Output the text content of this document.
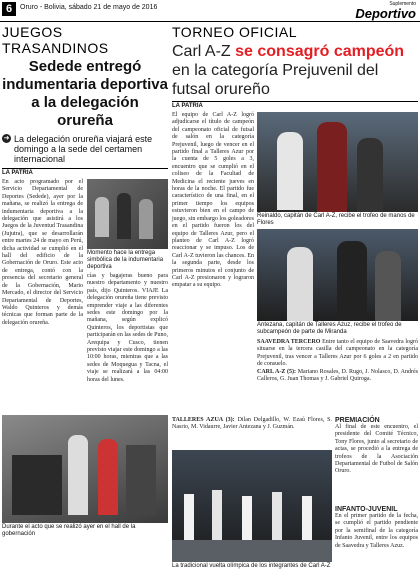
6	Oruro - Bolivia, sábado 21 de mayo de 2016	Suplemento
Deportivo
JUEGOS TRASANDINOS
Sedede entregó indumentaria deportiva a la delegación orureña
➜ La delegación orureña viajará este domingo a la sede del certamen internacional
LA PATRIA
En acto programado por el Servicio Departamental de Deportes (Sedede), ayer por la mañana, se realizó la entrega de indumentaria deportiva a la delegación que asistirá a los Juegos de la Juventud Trasandina (Jujutra), que se desarrollarán entre martes 24 de mayo en Perú, dicha actividad se cumplió en el hall del edificio de la Gobernación de Oruro. Este acto de entrega, contó con la presencia del secretario general de la Gobernación, Mario Mercado, el director del Servicio Departamental de Deportes, Waldo Quinteros y demás técnicas que forman parte de la delegación orureña.
Momento hace la entrega simbólica de la indumentaria deportiva
cías y bagajeras bueno para nuestro departamento y nuestro país, dijo Quinteros. VIAJE La delegación orureña tiene previsto emprender viaje a las diferentes sedes este domingo por la mañana, según explicó Quinteros, los deportistas que participarán en las sedes de Puno, Arequipa y Cusco, tienen previsto viajar este domingo a las 10:00 horas, mientras que a las sedes de Moquegua y Tacna, el viaje se realizará a las 04:00 horas del lunes.
Durante el acto que se realizó ayer en el hall de la gobernación
TORNEO OFICIAL
Carl A-Z se consagró campeón en la categoría Prejuvenil del futsal orureño
LA PATRIA
El equipo de Carl A-Z logró adjudicarse el título de campeón del campeonato oficial de futsal de salón en la categoría Prejuvenil, luego de vencer en el partido final a Talleres Azur por la cuenta de 5 goles a 3, encuentro que se cumplió en el coliseo de la Facultad de Medicina el reciente jueves en horas de la noche. El partido fue característico de una final, en el primer tiempo los equipos estuvieron bien en el campo de juego, sin embargo los goleadores en el partido fueron los del equipo de Talleres Azur, pero el planteo de Carl A-Z logró reaccionar y se impuso. Los de Carl A-Z tuvieron las chances. En la segunda parte, desde los primeros minutos el conjunto de Carl A-Z presionaron y lograron empatar a su equipo.
Reinaldo, capitán de Carl A-Z, recibe el trofeo de manos de Flores
Antezana, capitán de Talleres Azuz, recibe el trofeo de subcampeón de parte de Miranda
SAAVEDRA TERCERO Entre tanto el equipo de Saavedra logró situarse en la tercera casilla del campeonato en la categoría Prejuvenil, tras vencer a Talleres Azur por 6 goles a 2 en partido de consuelo.
CARL A-Z (5): Mariano Rosales, D. Rugo, J. Nolasco, D. Andrés Calleros, G. Juan Thomas y J. Gabriel Quiroga.
TALLERES AZUA (3): Dilan Delgadillo, W. Ezaú Flores, S. Nasrio, M. Vidaurre, Javier Antezana y J. Guzmán.
La tradicional vuelta olímpica de los integrantes de Carl A-Z
PREMIACIÓN
Al final de este encuentro, el presidente del Comité Técnico, Tony Flores, junto al secretario de actas, se procedió a la entrega de trofeos de la Asociación Departamental de Futbol de Salón Oruro.
INFANTO-JUVENIL
En el primer partido de la fecha, se cumplió el partido pendiente por la semifinal de la categoría Infanto Juvenil, entre los equipos de Saavedra y Talleres Azuz.
